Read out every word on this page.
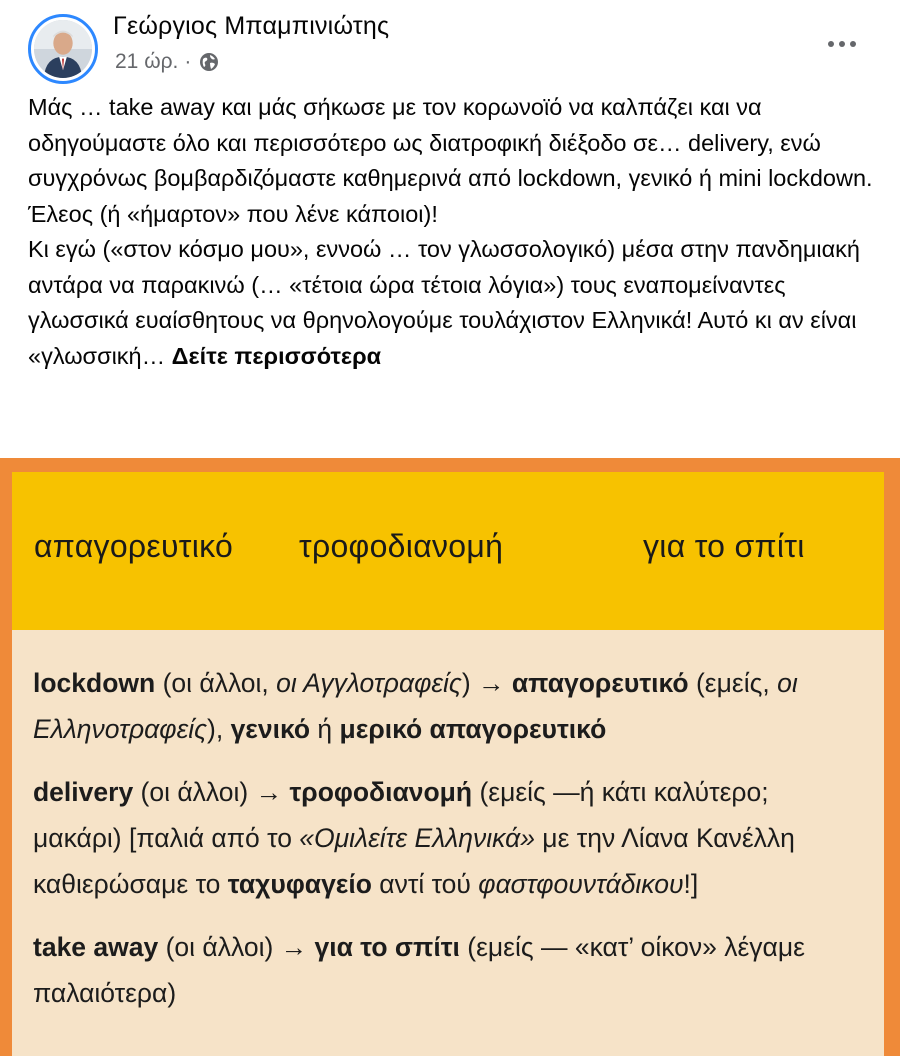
Γεώργιος Μπαμπινιώτης
21 ώρ. ·
Μάς … take away και μάς σήκωσε με τον κορωνοϊό να καλπάζει και να οδηγούμαστε όλο και περισσότερο ως διατροφική διέξοδο σε… delivery, ενώ συγχρόνως βομβαρδιζόμαστε καθημερινά από lockdown, γενικό ή mini lockdown. Έλεος (ή «ήμαρτον» που λένε κάποιοι)!
Κι εγώ («στον κόσμο μου», εννοώ … τον γλωσσολογικό) μέσα στην πανδημιακή αντάρα να παρακινώ (… «τέτοια ώρα τέτοια λόγια») τους εναπομείναντες γλωσσικά ευαίσθητους να θρηνολογούμε τουλάχιστον Ελληνικά! Αυτό κι αν είναι «γλωσσική… Δείτε περισσότερα
απαγορευτικό τροφοδιανομή	για το σπίτι
lockdown (οι άλλοι, οι Αγγλοτραφείς) → απαγορευτικό (εμείς, οι Ελληνοτραφείς), γενικό ή μερικό απαγορευτικό
delivery (οι άλλοι) → τροφοδιανομή (εμείς —ή κάτι καλύτερο; μακάρι) [παλιά από το «Ομιλείτε Ελληνικά» με την Λίανα Κανέλλη καθιερώσαμε το ταχυφαγείο αντί τού φαστφουντάδικου!]
take away (οι άλλοι) → για το σπίτι (εμείς — «κατ’ οίκον» λέγαμε παλαιότερα)
